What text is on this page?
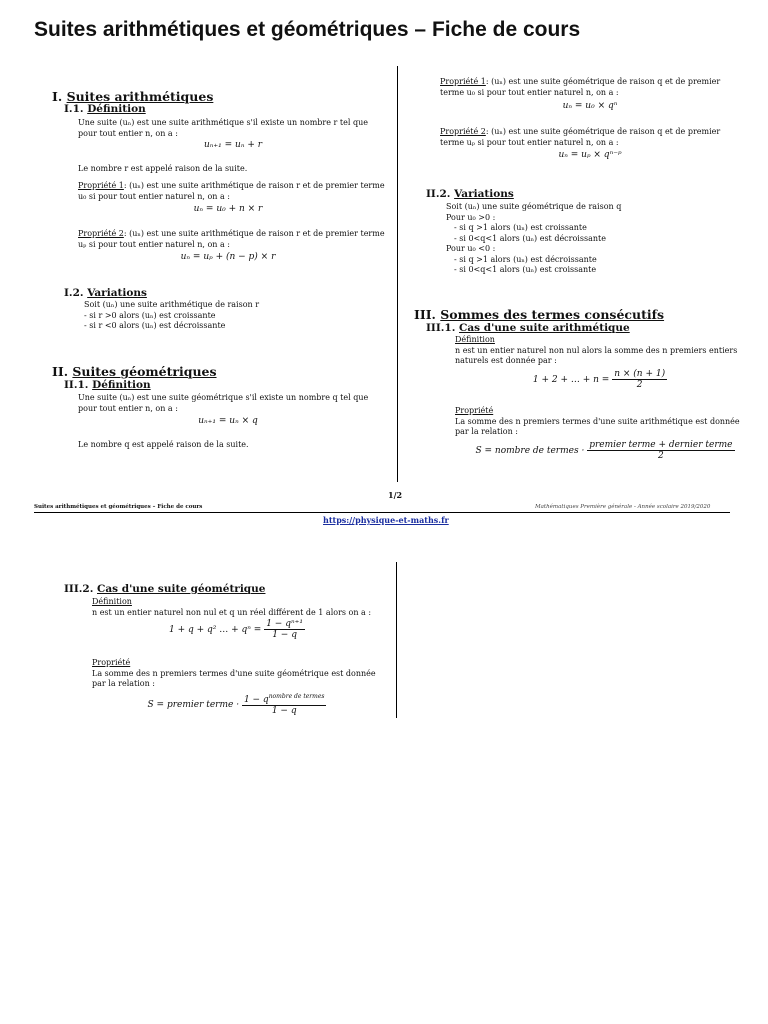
Suites arithmétiques et géométriques – Fiche de cours
I. Suites arithmétiques
I.1. Définition
Une suite (uₙ) est une suite arithmétique s'il existe un nombre r tel que pour tout entier n, on a :
uₙ₊₁ = uₙ + r
Le nombre r est appelé raison de la suite.
Propriété 1: (uₙ) est une suite arithmétique de raison r et de premier terme u₀ si pour tout entier naturel n, on a :
uₙ = u₀ + n × r
Propriété 2: (uₙ) est une suite arithmétique de raison r et de premier terme uₚ si pour tout entier naturel n, on a :
uₙ = uₚ + (n − p) × r
I.2. Variations
Soit (uₙ) une suite arithmétique de raison r
- si r >0 alors (uₙ) est croissante
- si r <0 alors (uₙ) est décroissante
II. Suites géométriques
II.1. Définition
Une suite (uₙ) est une suite géométrique s'il existe un nombre q tel que pour tout entier n, on a :
uₙ₊₁ = uₙ × q
Le nombre q est appelé raison de la suite.
Propriété 1: (uₙ) est une suite géométrique de raison q et de premier terme u₀ si pour tout entier naturel n, on a :
uₙ = u₀ × qⁿ
Propriété 2: (uₙ) est une suite géométrique de raison q et de premier terme uₚ si pour tout entier naturel n, on a :
uₙ = uₚ × qⁿ⁻ᵖ
II.2. Variations
Soit (uₙ) une suite géométrique de raison q
Pour u₀ >0 :
- si q >1 alors (uₙ) est croissante
- si 0<q<1 alors (uₙ) est décroissante
Pour u₀ <0 :
- si q >1 alors (uₙ) est décroissante
- si 0<q<1 alors (uₙ) est croissante
III. Sommes des termes consécutifs
III.1. Cas d'une suite arithmétique
Définition
n est un entier naturel non nul alors la somme des n premiers entiers naturels est donnée par :
1 + 2 + … + $n = \frac{n \times (n + 1)}{2}$
Propriété
La somme des n premiers termes d'une suite arithmétique est donnée par la relation :
S = nombre de termes · $\frac{\text{premier terme + dernier terme}}{2}$
1/2
Suites arithmétiques et géométriques – Fiche de cours	Mathématiques Première générale - Année scolaire 2019/2020
https://physique-et-maths.fr
III.2. Cas d'une suite géométrique
Définition
n est un entier naturel non nul et q un réel différent de 1 alors on a :
1 + q + q² … + $q^n = \frac{\text{1 − qⁿ⁺¹}}{1 - q}$
Propriété
La somme des n premiers termes d'une suite géométrique est donnée par la relation :
S = premier terme · $\frac{1 - q^{nombre de termes}}{1 - q}$
